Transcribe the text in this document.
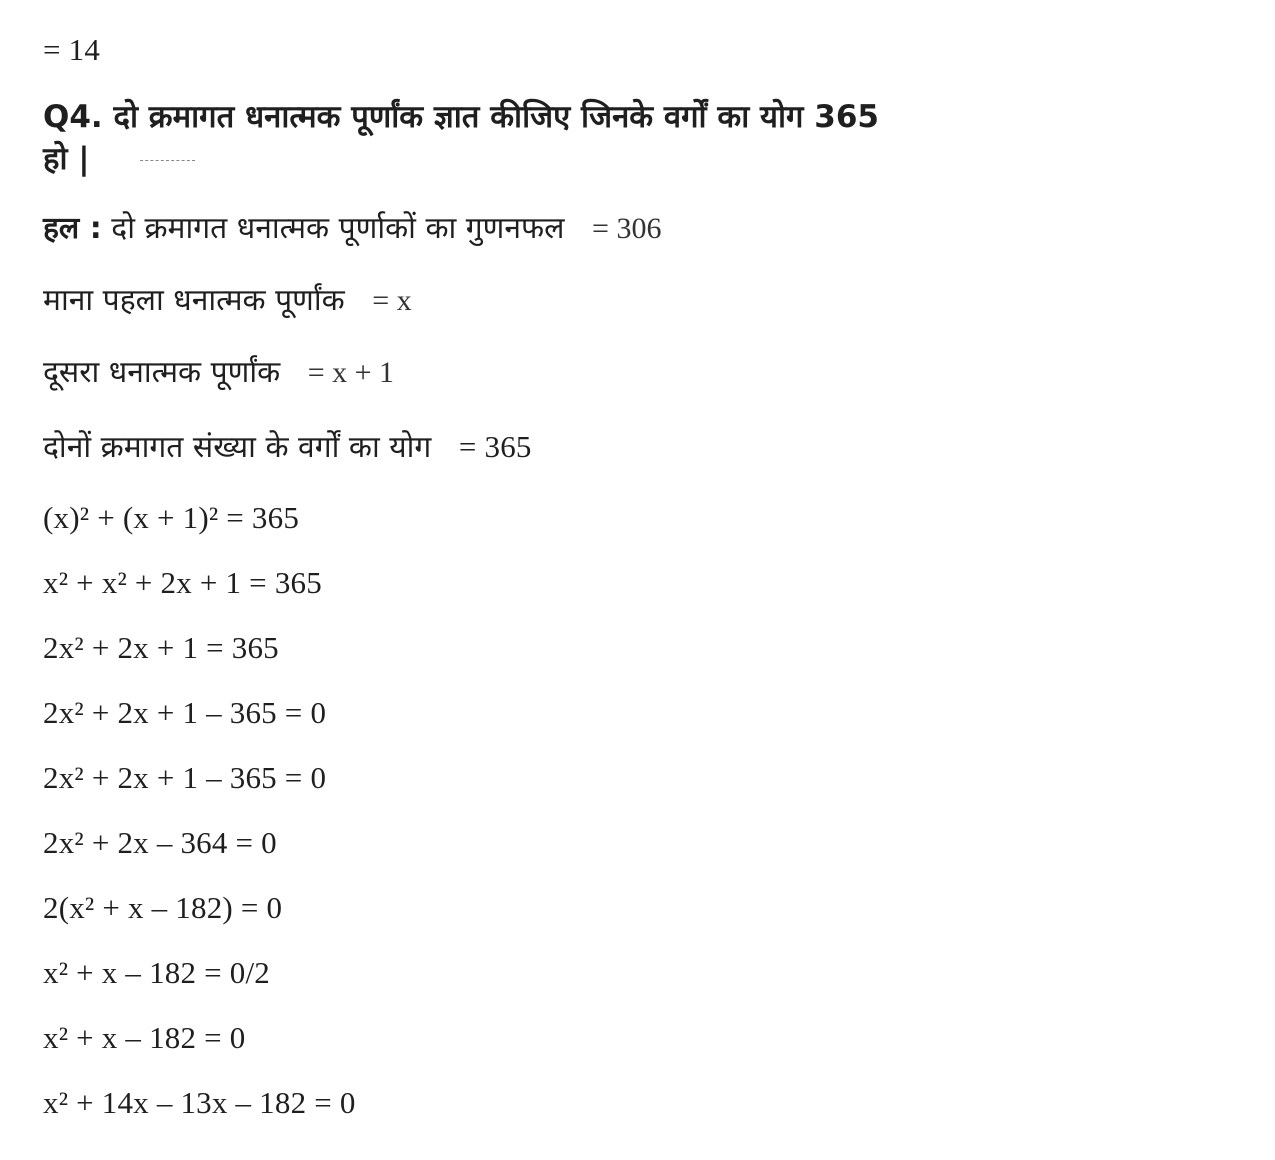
= 14
Q4. दो क्रमागत धनात्मक पूर्णांक ज्ञात कीजिए जिनके वर्गों का योग 365 हो |
हल : दो क्रमागत धनात्मक पूर्णाकों का गुणनफल = 306
माना पहला धनात्मक पूर्णांक = x
दूसरा धनात्मक पूर्णांक = x + 1
दोनों क्रमागत संख्या के वर्गों का योग = 365
(x)² + (x + 1)² = 365
x² + x² + 2x + 1 = 365
2x² + 2x + 1 = 365
2x² + 2x + 1 – 365 = 0
2x² + 2x + 1 – 365 = 0
2x² + 2x – 364 = 0
2(x² + x – 182) = 0
x² + x – 182 = 0/2
x² + x – 182 = 0
x² + 14x – 13x – 182 = 0
